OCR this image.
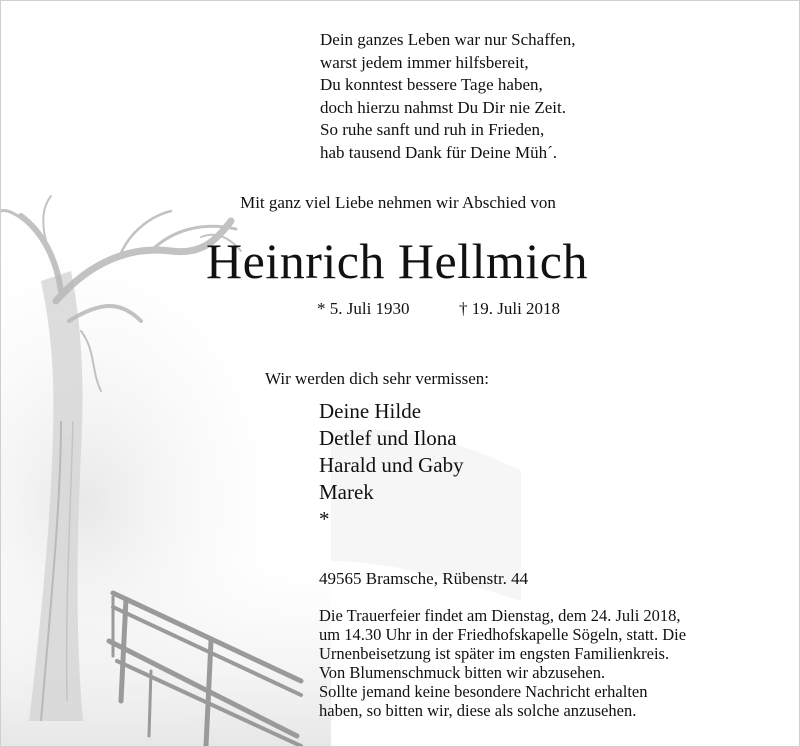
Dein ganzes Leben war nur Schaffen,
warst jedem immer hilfsbereit,
Du konntest bessere Tage haben,
doch hierzu nahmst Du Dir nie Zeit.
So ruhe sanft und ruh in Frieden,
hab tausend Dank für Deine Müh´.
Mit ganz viel Liebe nehmen wir Abschied von
Heinrich Hellmich
* 5. Juli 1930	† 19. Juli 2018
Wir werden dich sehr vermissen:
Deine Hilde
Detlef und Ilona
Harald und Gaby
Marek
*
49565 Bramsche, Rübenstr. 44
Die Trauerfeier findet am Dienstag, dem 24. Juli 2018,
um 14.30 Uhr in der Friedhofskapelle Sögeln, statt. Die
Urnenbeisetzung ist später im engsten Familienkreis.
Von Blumenschmuck bitten wir abzusehen.
Sollte jemand keine besondere Nachricht erhalten
haben, so bitten wir, diese als solche anzusehen.
